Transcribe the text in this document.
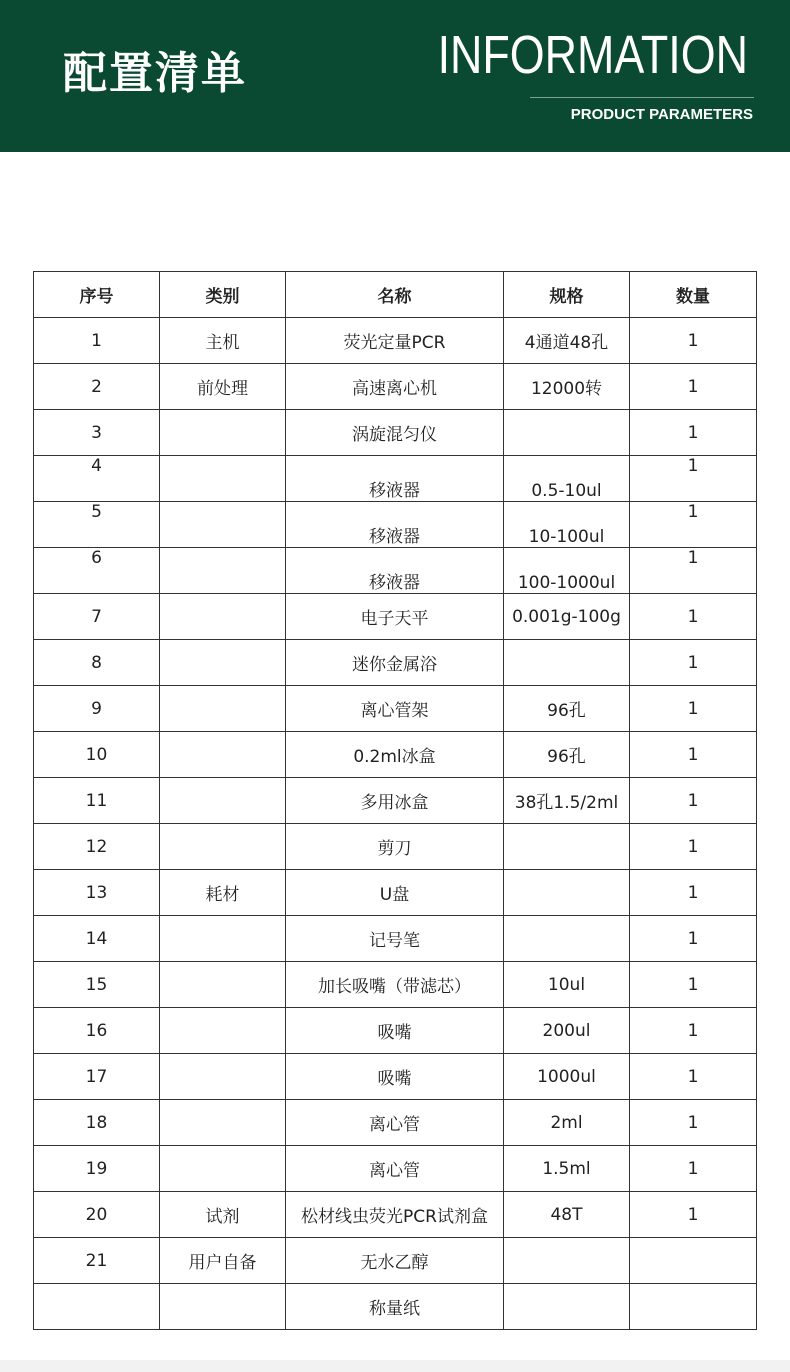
配置清单	INFORMATION
PRODUCT PARAMETERS
序号	类别	名称	规格	数量
1	主机	荧光定量PCR	4通道48孔	1
2	前处理	高速离心机	12000转	1
3		涡旋混匀仪		1
4		移液器	0.5-10ul	1
5		移液器	10-100ul	1
6		移液器	100-1000ul	1
7		电子天平	0.001g-100g	1
8		迷你金属浴		1
9		离心管架	96孔	1
10		0.2ml冰盒	96孔	1
11		多用冰盒	38孔1.5/2ml	1
12		剪刀		1
13	耗材	U盘		1
14		记号笔		1
15		加长吸嘴（带滤芯）	10ul	1
16		吸嘴	200ul	1
17		吸嘴	1000ul	1
18		离心管	2ml	1
19		离心管	1.5ml	1
20	试剂	松材线虫荧光PCR试剂盒	48T	1
21	用户自备	无水乙醇		
		称量纸		
